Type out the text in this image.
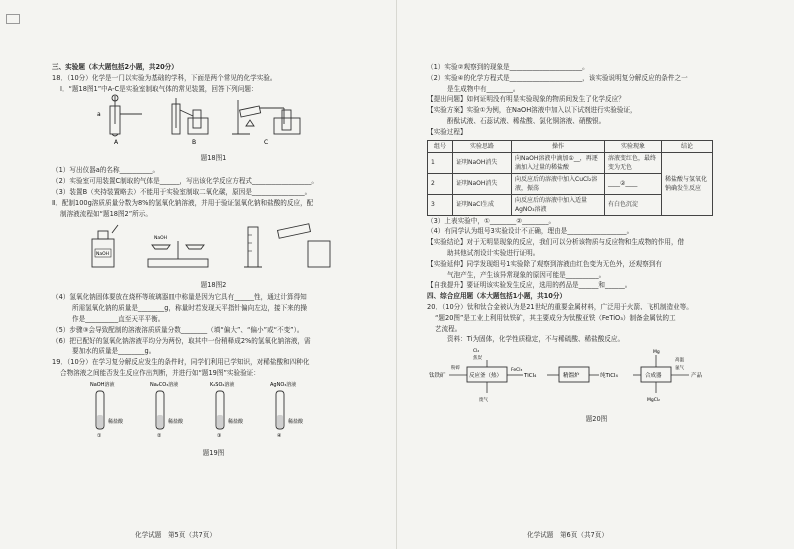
三、实验题（本大题包括2小题，共20分）
18．（10分）化学是一门以实验为基础的学科，下面是两个常见的化学实验。
Ⅰ．“题18图1”中A-C是实验室制取气体的常见装置，回答下列问题：
a
A	B	C
题18图1
（1）写出仪器a的名称__________。
（2）实验室可用装置C制取的气体是______，写出该化学反应方程式__________________。
（3）装置B（夹持装置略去）不能用于实验室制取二氧化碳，原因是________________。
Ⅱ．配制100g溶质质量分数为8%的氢氧化钠溶液，并用于验证氢氧化钠和盐酸的反应，配
制溶液流程如“题18图2”所示。
NaOH
NaOH
题18图2
（4）氢氧化钠固体要放在烧杯等玻璃器皿中称量是因为它具有______性，通过计算得知
所需氢氧化钠的质量是________g，称量时若发现天平指针偏向左边，接下来的操
作是__________直至天平平衡。
（5）步骤③会导致配制的溶液溶质质量分数________（填“偏大”、“偏小”或“不变”）。
（6）把已配好的氢氧化钠溶液平均分为两份，取其中一份稍释成2%的氢氧化钠溶液，需
要加水的质量是________g。
19．（10分）在学习复分解反应发生的条件时，同学们利用已学知识，对稀盐酸和四种化
合物溶液之间能否发生反应作出判断，并进行如“题19图”实验验证：
NaOH溶液
稀盐酸
①
Na₂CO₃溶液
稀盐酸
②
K₂SO₄溶液
稀盐酸
③
AgNO₃溶液
稀盐酸
④
题19图
化学试题　第5页（共7页）
（1）实验②观察到的现象是______________________。
（2）实验④的化学方程式是______________________，该实验说明复分解反应的条件之一
是生成物中有________。
【提出问题】如何证明没有明显实验现象的物质间发生了化学反应？
【实验方案】实验①为例，在NaOH溶液中加入以下试剂进行实验验证，
酚酞试液、石蕊试液、稀盐酸、氯化铜溶液、硝酸银。
【实验过程】
组号	实验思路	操作	实验现象	结论
1	证明NaOH消失	向NaOH溶液中滴加①__，再逐滴加入过量的稀盐酸	溶液变红色，最终变为无色	稀盐酸与氢氧化钠确发生反应
2	证明NaOH消失	向反应后的溶液中加入CuCl₂溶液，振荡	____②____	
3	证明NaCl生成	向反应后的溶液中加入适量AgNO₃溶液	有白色沉淀	
（3）上表实验中，①________②________。
（4）有同学认为组号3实验设计不正确，理由是__________________。
【实验结论】对于无明显现象的反应，我们可以分析该物质与反应物和生成物的作用，借
助其他试剂设计实验进行证明。
【实验延伸】同学发现组号1实验除了观察到溶液由红色变为无色外，还观察到有
气泡产生，产生该异常现象的原因可能是__________。
【自我提升】要证明该实验发生反应，选用的药品是______和______。
四、综合应用题（本大题包括1小题，共10分）
20．（10分）钛和钛合金被认为是21世纪的重要金属材料，广泛用于火箭、飞机制造业等。
“题20图”是工业上利用钛铁矿，其主要成分为钛酸亚铁（FeTiO₃）制备金属钛的工
艺流程。
资料：Ti为固体，化学性质稳定，不与稀硫酸、稀盐酸反应。
钛铁矿
粉碎
反应釜（热）
Cl₂
焦炭
废气
FeCl₃
TiCl₄	精馏炉	纯TiCl₄	合成器
Mg
高温
氩气
产品
MgCl₂
题20图
化学试题　第6页（共7页）
